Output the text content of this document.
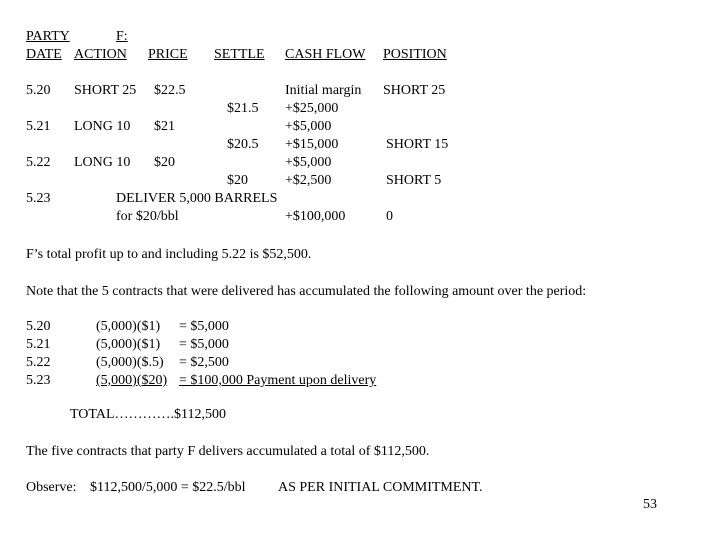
PARTY	F:
DATE ACTION PRICE SETTLE CASH FLOW POSITION
5.20 SHORT 25 $22.5	Initial margin SHORT 25
$21.5 +$25,000
5.21 LONG 10 $21	+$5,000
$20.5 +$15,000	SHORT 15
5.22 LONG 10 $20	+$5,000
$20	+$2,500	SHORT 5
5.23	DELIVER 5,000 BARRELS
for $20/bbl	+$100,000	0
F’s total profit up to and including 5.22 is $52,500.
Note that the 5 contracts that were delivered has accumulated the following amount over the period:
5.20	(5,000)($1) = $5,000
5.21	(5,000)($1) = $5,000
5.22	(5,000)($.5) = $2,500
5.23	(5,000)($20) = $100,000 Payment upon delivery
TOTAL………….$112,500
The five contracts that party F delivers accumulated a total of $112,500.
Observe: $112,500/5,000 = $22.5/bbl AS PER INITIAL COMMITMENT.
53
